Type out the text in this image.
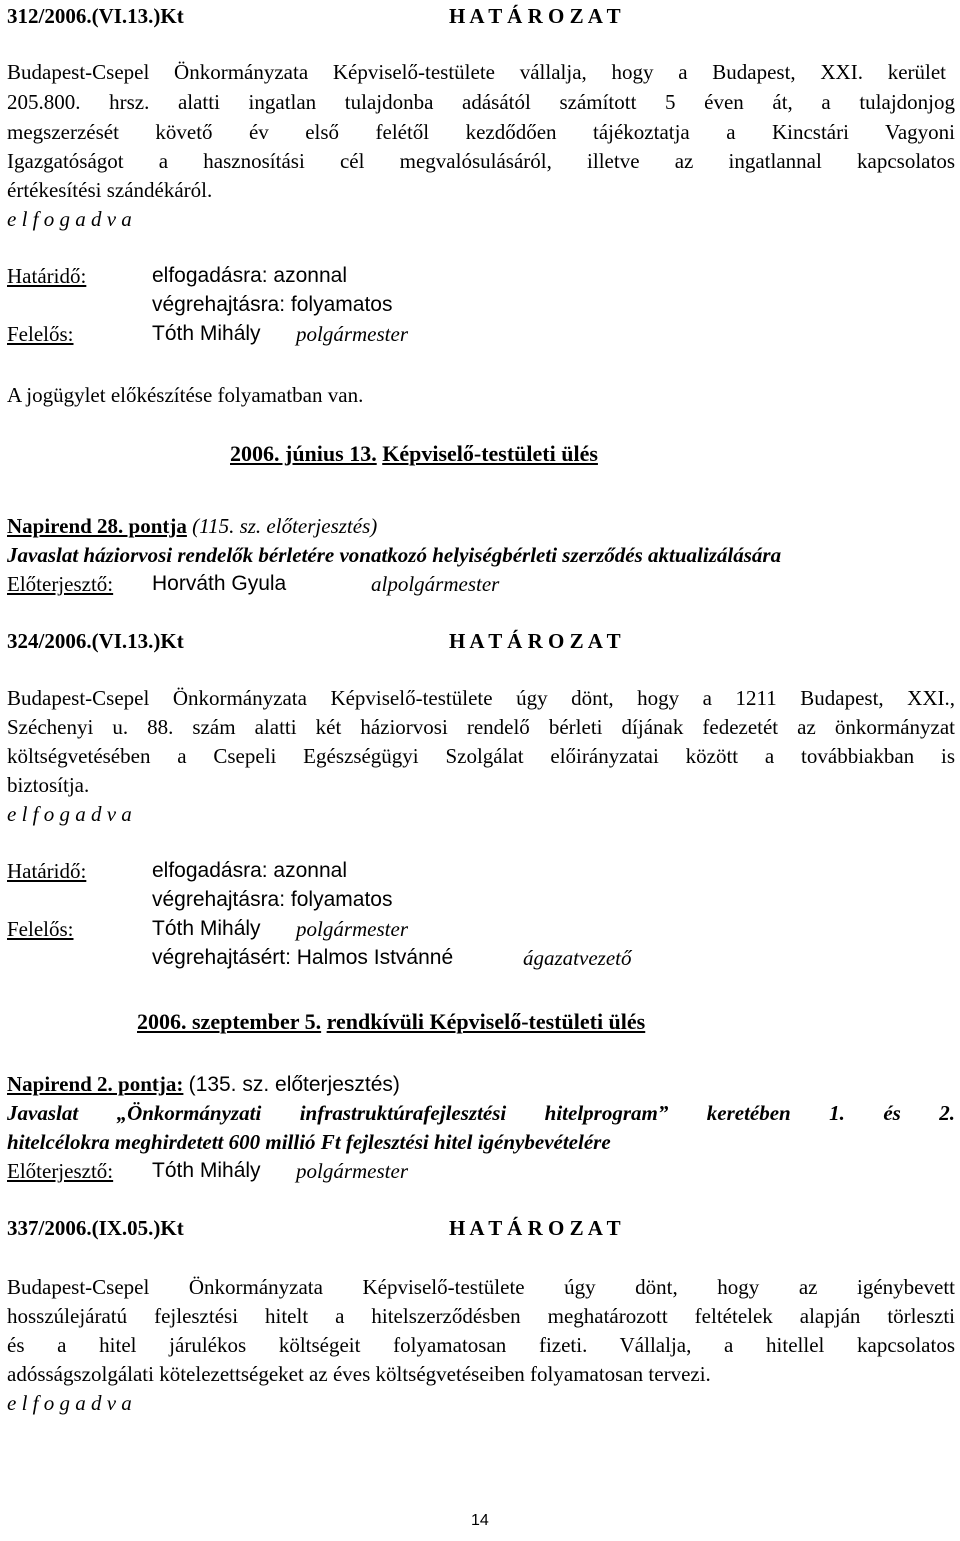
312/2006.(VI.13.)Kt	H A T Á R O Z A T
Budapest-Csepel Önkormányzata Képviselő-testülete vállalja, hogy a Budapest, XXI. kerület
205.800. hrsz. alatti ingatlan tulajdonba adásától számított 5 éven át, a tulajdonjog
megszerzését követő év első felétől kezdődően tájékoztatja a Kincstári Vagyoni
Igazgatóságot a hasznosítási cél megvalósulásáról, illetve az ingatlannal kapcsolatos
értékesítési szándékáról.
e l f o g a d v a
Határidő:	elfogadásra: azonnal
végrehajtásra: folyamatos
Felelős:	Tóth Mihály polgármester
A jogügylet előkészítése folyamatban van.
2006. június 13. Képviselő-testületi ülés
Napirend 28. pontja (115. sz. előterjesztés)
Javaslat háziorvosi rendelők bérletére vonatkozó helyiségbérleti szerződés aktualizálására
Előterjesztő: Horváth Gyula	alpolgármester
324/2006.(VI.13.)Kt	H A T Á R O Z A T
Budapest-Csepel Önkormányzata Képviselő-testülete úgy dönt, hogy a 1211 Budapest, XXI.,
Széchenyi u. 88. szám alatti két háziorvosi rendelő bérleti díjának fedezetét az önkormányzat
költségvetésében a Csepeli Egészségügyi Szolgálat előirányzatai között a továbbiakban is
biztosítja.
e l f o g a d v a
Határidő:	elfogadásra: azonnal
végrehajtásra: folyamatos
Felelős:	Tóth Mihály polgármester
végrehajtásért: Halmos Istvánné	ágazatvezető
2006. szeptember 5. rendkívüli Képviselő-testületi ülés
Napirend 2. pontja: (135. sz. előterjesztés)
Javaslat „Önkormányzati infrastruktúrafejlesztési hitelprogram” keretében 1. és 2.
hitelcélokra meghirdetett 600 millió Ft fejlesztési hitel igénybevételére
Előterjesztő: Tóth Mihály polgármester
337/2006.(IX.05.)Kt	H A T Á R O Z A T
Budapest-Csepel Önkormányzata Képviselő-testülete úgy dönt, hogy az igénybevett
hosszúlejáratú fejlesztési hitelt a hitelszerződésben meghatározott feltételek alapján törleszti
és a hitel járulékos költségeit folyamatosan fizeti. Vállalja, a hitellel kapcsolatos
adósságszolgálati kötelezettségeket az éves költségvetéseiben folyamatosan tervezi.
e l f o g a d v a
14
